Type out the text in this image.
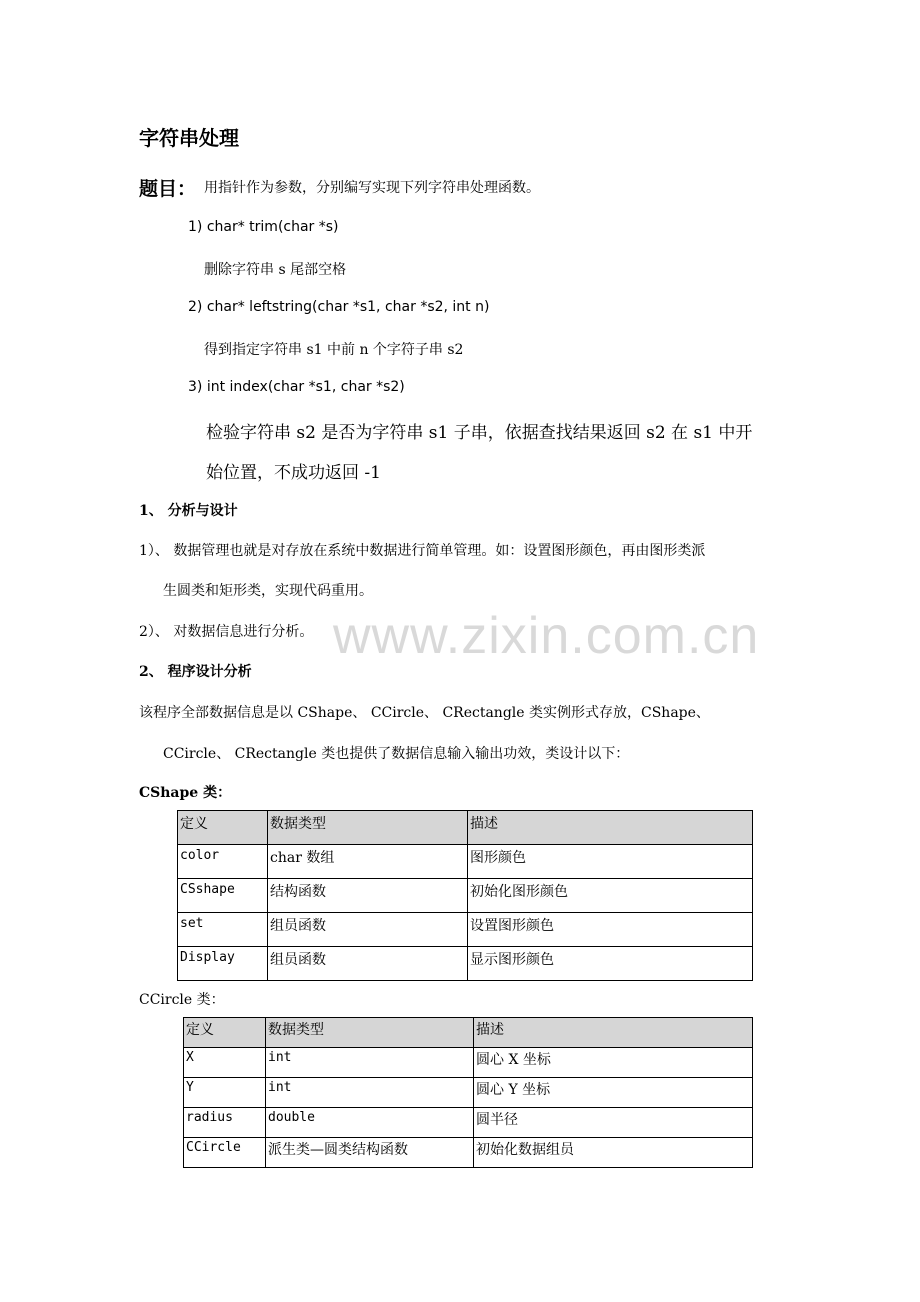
字符串处理
题目： 用指针作为参数，分别编写实现下列字符串处理函数。
1) char* trim(char *s)
删除字符串 s 尾部空格
2) char* leftstring(char *s1, char *s2, int n)
得到指定字符串 s1 中前 n 个字符子串 s2
3) int index(char *s1, char *s2)
检验字符串 s2 是否为字符串 s1 子串，依据查找结果返回 s2 在 s1 中开
始位置，不成功返回 -1
1、 分析与设计
1）、 数据管理也就是对存放在系统中数据进行简单管理。如：设置图形颜色，再由图形类派
生圆类和矩形类，实现代码重用。
2）、 对数据信息进行分析。 www.zixin.com.cn
2、 程序设计分析
该程序全部数据信息是以 CShape、 CCircle、 CRectangle 类实例形式存放，CShape、
CCircle、 CRectangle 类也提供了数据信息输入输出功效，类设计以下：
CShape 类：
定义	数据类型	描述
color	char 数组	图形颜色
CSshape	结构函数	初始化图形颜色
set	组员函数	设置图形颜色
Display	组员函数	显示图形颜色
CCircle 类：
定义	数据类型	描述
X	int	圆心 X 坐标
Y	int	圆心 Y 坐标
radius	double	圆半径
CCircle	派生类—圆类结构函数	初始化数据组员
